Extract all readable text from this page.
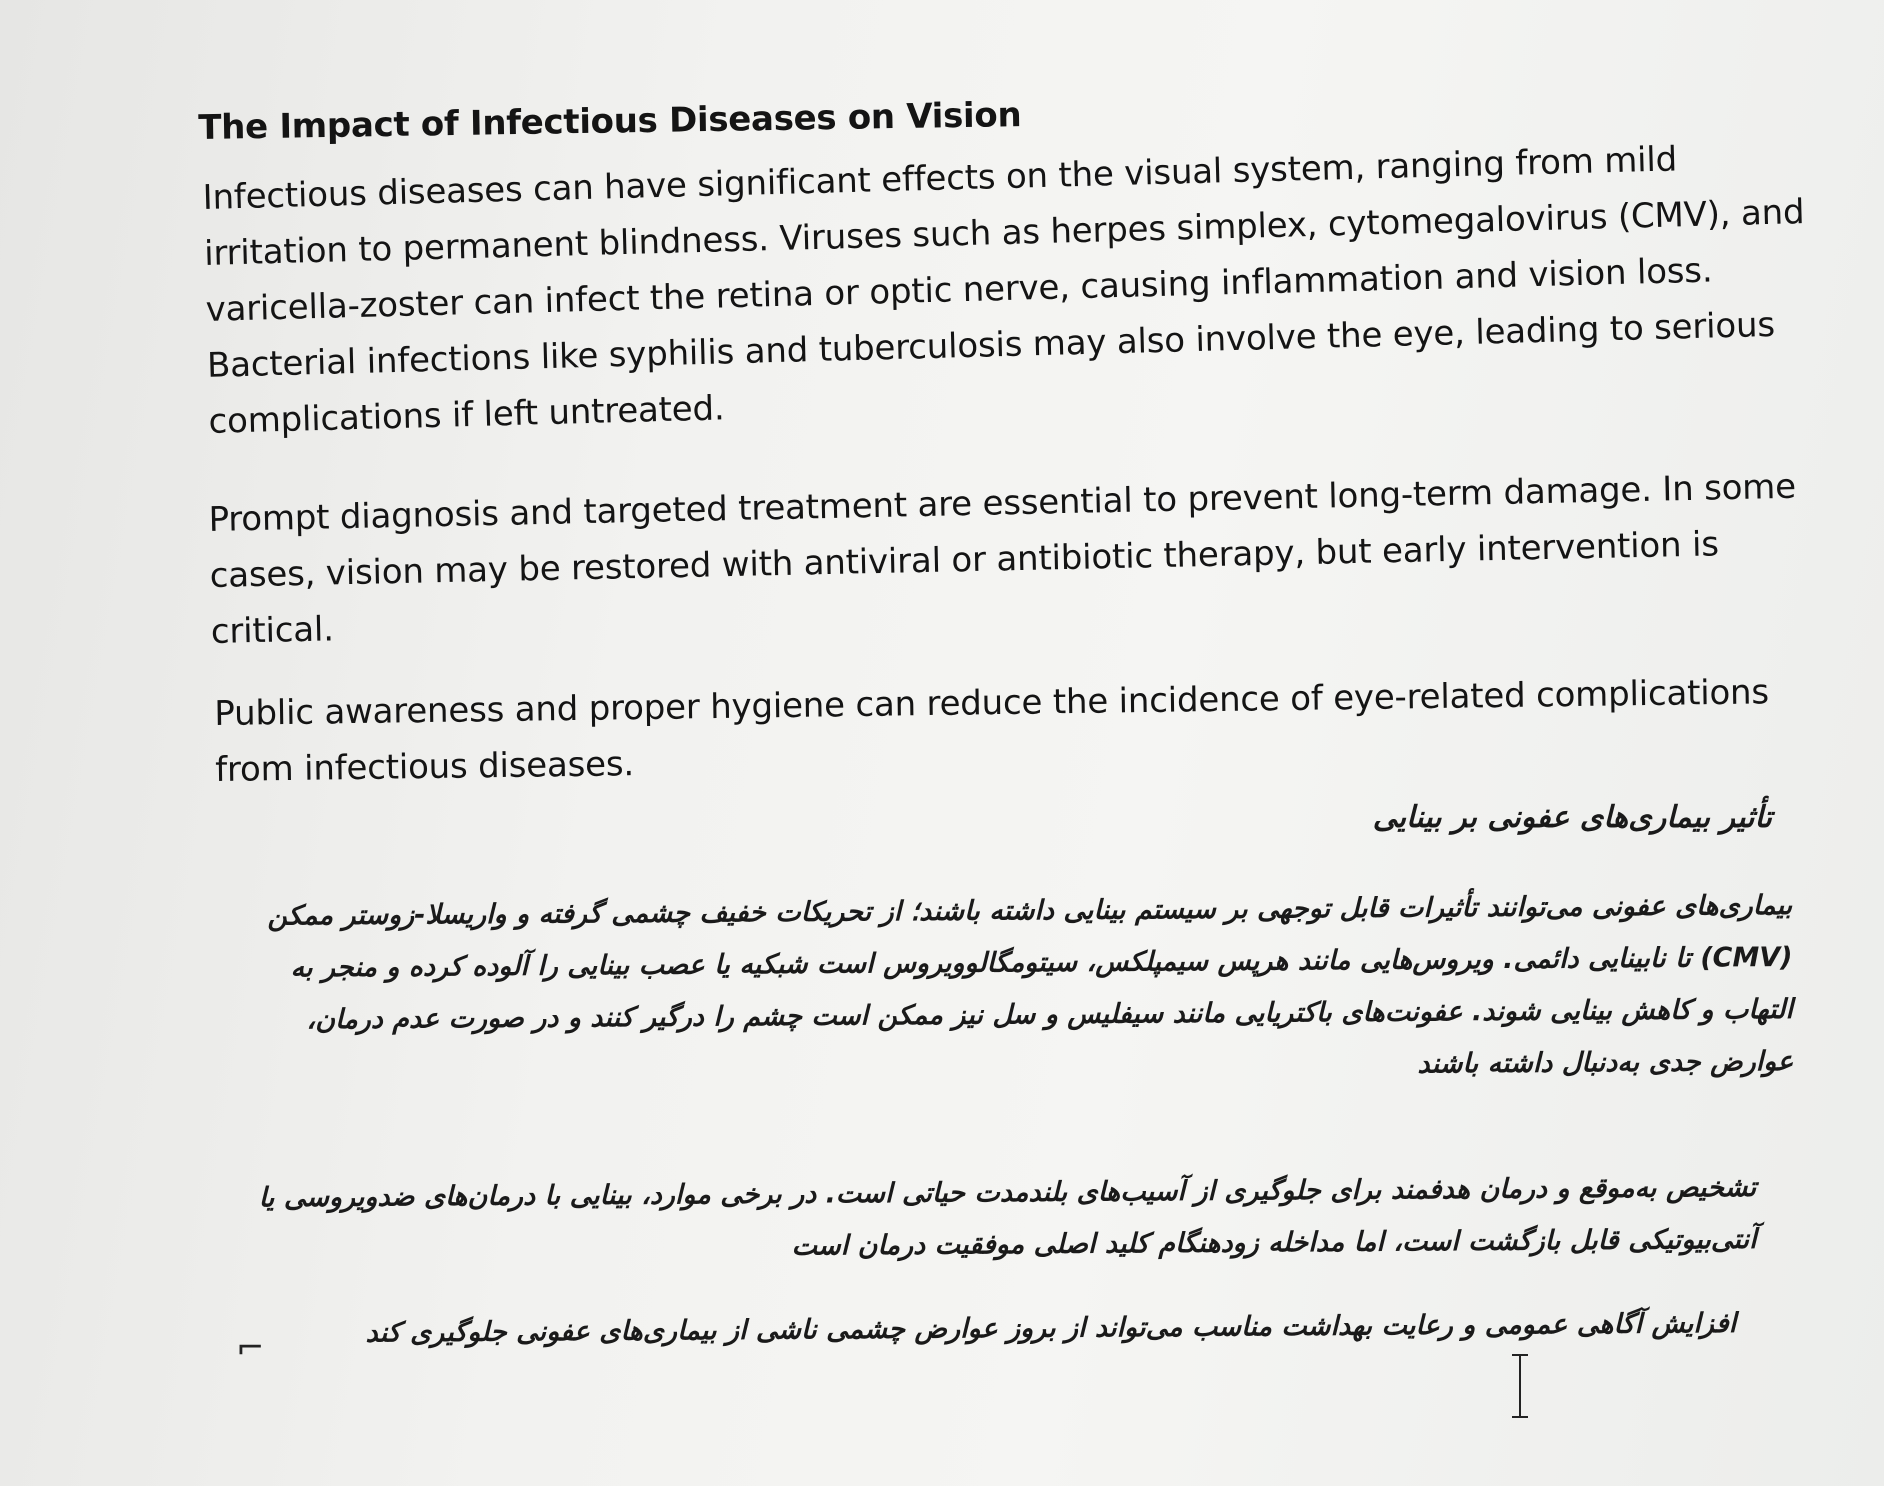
The Impact of Infectious Diseases on Vision
Infectious diseases can have significant effects on the visual system, ranging from mild irritation to permanent blindness. Viruses such as herpes simplex, cytomegalovirus (CMV), and varicella-zoster can infect the retina or optic nerve, causing inflammation and vision loss. Bacterial infections like syphilis and tuberculosis may also involve the eye, leading to serious complications if left untreated.
Prompt diagnosis and targeted treatment are essential to prevent long-term damage. In some cases, vision may be restored with antiviral or antibiotic therapy, but early intervention is critical.
Public awareness and proper hygiene can reduce the incidence of eye-related complications from infectious diseases.
تأثیر بیماری‌های عفونی بر بینایی
بیماری‌های عفونی می‌توانند تأثیرات قابل توجهی بر سیستم بینایی داشته باشند؛ از تحریکات خفیف چشمی گرفته و واریسلا-زوستر ممکن (CMV) تا نابینایی دائمی. ویروس‌هایی مانند هرپس سیمپلکس، سیتومگالوویروس است شبکیه یا عصب بینایی را آلوده کرده و منجر به التهاب و کاهش بینایی شوند. عفونت‌های باکتریایی مانند سیفلیس و سل نیز ممکن است چشم را درگیر کنند و در صورت عدم درمان، عوارض جدی به‌دنبال داشته باشند
تشخیص به‌موقع و درمان هدفمند برای جلوگیری از آسیب‌های بلندمدت حیاتی است. در برخی موارد، بینایی با درمان‌های ضدویروسی یا آنتی‌بیوتیکی قابل بازگشت است، اما مداخله زودهنگام کلید اصلی موفقیت درمان است
افزایش آگاهی عمومی و رعایت بهداشت مناسب می‌تواند از بروز عوارض چشمی ناشی از بیماری‌های عفونی جلوگیری کند
⌐
